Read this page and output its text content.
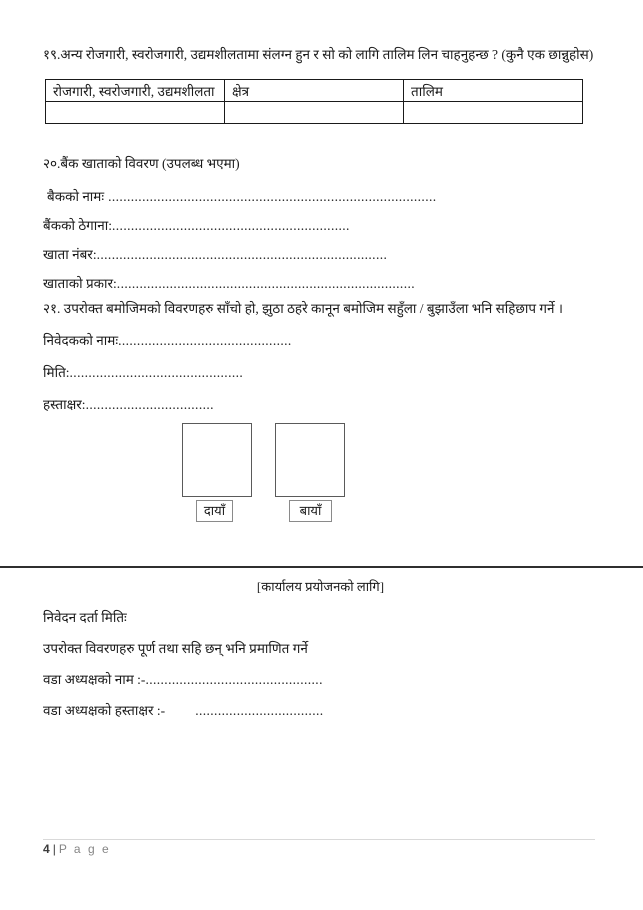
१९.अन्य रोजगारी, स्वरोजगारी, उद्यमशीलतामा संलग्न हुन र सो को लागि तालिम लिन चाहनुहन्छ ? (कुनै एक छान्नुहोस)
रोजगारी, स्वरोजगारी, उद्यमशीलता	क्षेत्र	तालिम

२०.बैंक खाताको विवरण (उपलब्ध भएमा)
बैकको नामः .......................................................................................
बैंकको ठेगाना:...............................................................
खाता नंबर:.............................................................................
खाताको प्रकार:...............................................................................
२१. उपरोक्त बमोजिमको विवरणहरु साँचो हो, झुठा ठहरे कानून बमोजिम सहुँला / बुझाउँला भनि सहिछाप गर्ने ।
निवेदकको नामः..............................................
मिति:..............................................
हस्ताक्षर:..................................
दायाँ	बायाँ
[कार्यालय प्रयोजनको लागि]
निवेदन दर्ता मितिः
उपरोक्त विवरणहरु पूर्ण तथा सहि छन् भनि प्रमाणित गर्ने
वडा अध्यक्षको नाम :-...............................................
वडा अध्यक्षको हस्ताक्षर :- ..................................
4 | P a g e
